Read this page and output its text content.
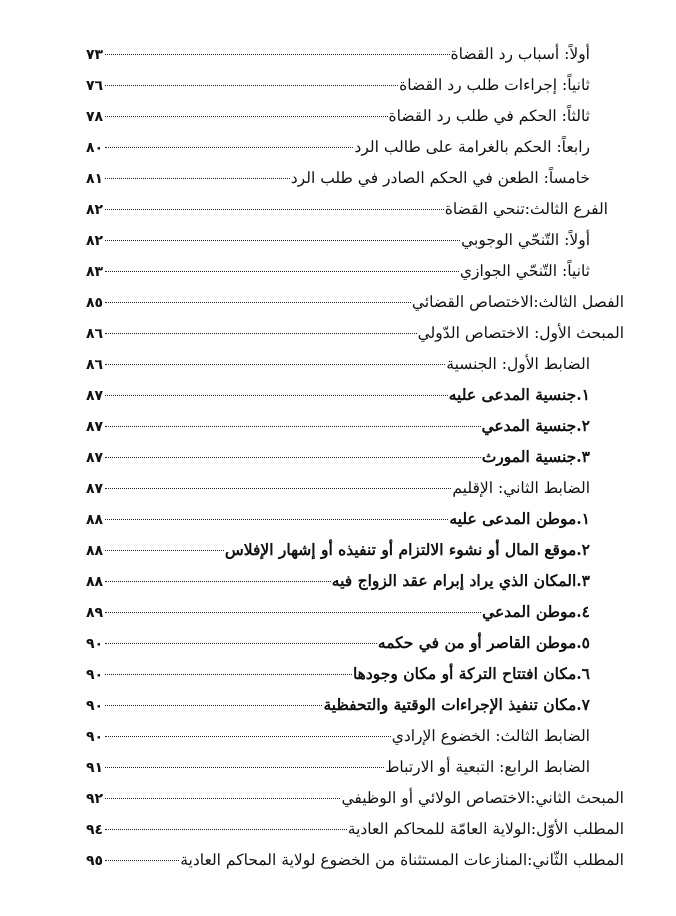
أولاً: أسباب رد القضاة
٧٣
ثانياً: إجراءات طلب رد القضاة
٧٦
ثالثاً: الحكم في طلب رد القضاة
٧٨
رابعاً: الحكم بالغرامة على طالب الرد
٨٠
خامساً: الطعن في الحكم الصادر في طلب الرد
٨١
الفرع الثالث:تنحي القضاة
٨٢
أولاً: التّنحّي الوجوبي
٨٢
ثانياً: التّنحّي الجوازي
٨٣
الفصل الثالث:الاختصاص القضائي
٨٥
المبحث الأول: الاختصاص الدّولي
٨٦
الضابط الأول: الجنسية
٨٦
١.جنسية المدعى عليه
٨٧
٢.جنسية المدعي
٨٧
٣.جنسية المورث
٨٧
الضابط الثاني: الإقليم
٨٧
١.موطن المدعى عليه
٨٨
٢.موقع المال أو نشوء الالتزام أو تنفيذه أو إشهار الإفلاس
٨٨
٣.المكان الذي يراد إبرام عقد الزواج فيه
٨٨
٤.موطن المدعي
٨٩
٥.موطن القاصر أو من في حكمه
٩٠
٦.مكان افتتاح التركة أو مكان وجودها
٩٠
٧.مكان تنفيذ الإجراءات الوقتية والتحفظية
٩٠
الضابط الثالث: الخضوع الإرادي
٩٠
الضابط الرابع: التبعية أو الارتباط
٩١
المبحث الثاني:الاختصاص الولائي أو الوظيفي
٩٢
المطلب الأوّل:الولاية العامّة للمحاكم العادية
٩٤
المطلب الثّاني:المنازعات المستثناة من الخضوع لولاية المحاكم العادية
٩٥
